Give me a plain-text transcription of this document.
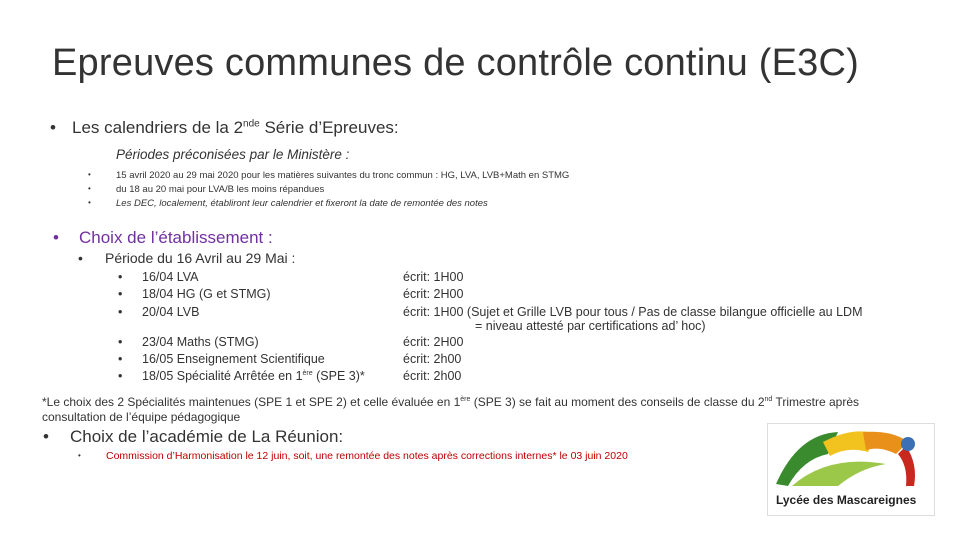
Epreuves communes de contrôle continu (E3C)
• Les calendriers de la 2nde Série d’Epreuves:
Périodes préconisées par le Ministère :
• 15 avril 2020 au 29 mai 2020 pour les matières suivantes du tronc commun : HG, LVA, LVB+Math en STMG
• du 18 au 20 mai pour LVA/B les moins répandues
• Les DEC, localement, établiront leur calendrier et fixeront la date de remontée des notes
• Choix de l’établissement :
• Période du 16 Avril au 29 Mai :
• 16/04 LVA	écrit: 1H00
• 18/04 HG (G et STMG)	écrit: 2H00
• 20/04 LVB	écrit: 1H00 (Sujet et Grille LVB pour tous / Pas de classe bilangue officielle au LDM
= niveau attesté par certifications ad’ hoc)
• 23/04 Maths (STMG)	écrit: 2H00
• 16/05 Enseignement Scientifique	écrit: 2h00
• 18/05 Spécialité Arrêtée en 1ère (SPE 3)*	écrit: 2h00
*Le choix des 2 Spécialités maintenues (SPE 1 et SPE 2) et celle évaluée en 1ère (SPE 3) se fait au moment des conseils de classe du 2nd Trimestre après consultation de l’équipe pédagogique
• Choix de l’académie de La Réunion:
• Commission d’Harmonisation le 12 juin, soit, une remontée des notes après corrections internes* le 03 juin 2020
Lycée des Mascareignes
